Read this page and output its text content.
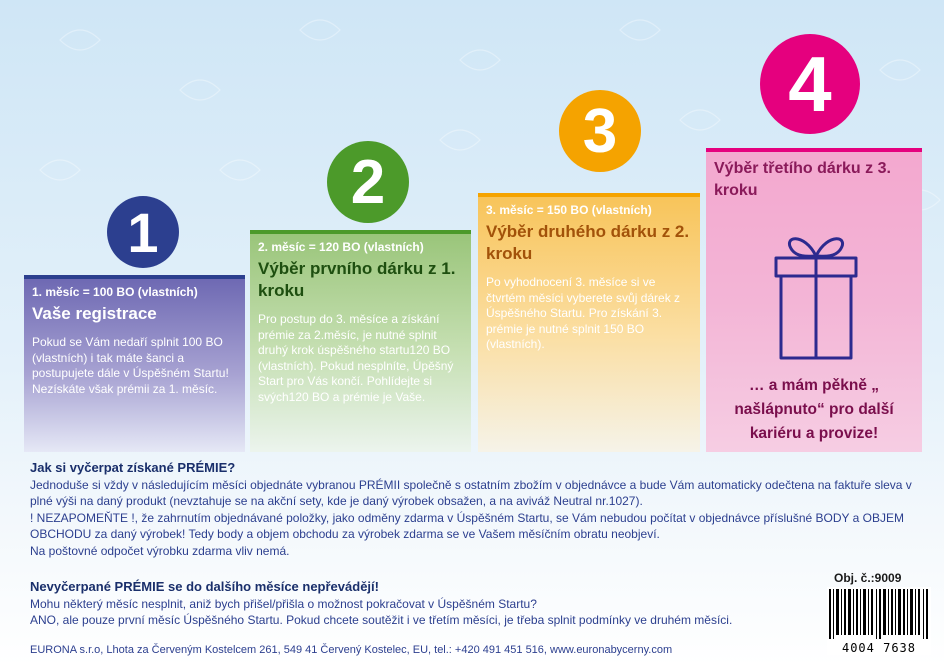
1
2
3
4
1. měsíc = 100 BO (vlastních)
Vaše registrace
Pokud se Vám nedaří splnit 100 BO (vlastních) i tak máte šanci a postupujete dále v Úspěšném Startu! Nezískáte však prémii za 1. měsíc.
2. měsíc = 120 BO (vlastních)
Výběr prvního dárku z 1. kroku
Pro postup do 3. měsíce a získání prémie za 2.měsíc, je nutné splnit druhý krok úspěšného startu120 BO (vlastních). Pokud nesplníte, Úpěšný Start pro Vás končí. Pohlídejte si svých120 BO a prémie je Vaše.
3. měsíc = 150 BO (vlastních)
Výběr druhého dárku z 2. kroku
Po vyhodnocení 3. měsíce si ve čtvrtém měsíci vyberete svůj dárek z Úspěšného Startu. Pro získání 3. prémie je nutné splnit 150 BO (vlastních).
Výběr třetího dárku z 3. kroku
… a mám pěkně „ našlápnuto“ pro další kariéru a provize!
Jak si vyčerpat získané PRÉMIE?
Jednoduše si vždy v následujícím měsíci objednáte vybranou PRÉMII společně s ostatním zbožím v objednávce a bude Vám automaticky odečtena na faktuře sleva v plné výši na daný produkt (nevztahuje se na akční sety, kde je daný výrobek obsažen, a na aviváž Neutral nr.1027).
! NEZAPOMEŇTE !, že zahrnutím objednávané položky, jako odměny zdarma v Úspěšném Startu, se Vám nebudou počítat v objednávce příslušné BODY a OBJEM OBCHODU za daný výrobek! Tedy body a objem obchodu za výrobek zdarma se ve Vašem měsíčním obratu neobjeví.
Na poštovné odpočet výrobku zdarma vliv nemá.
Nevyčerpané PRÉMIE se do dalšího měsíce nepřevádějí!
Mohu některý měsíc nesplnit, aniž bych přišel/přišla o možnost pokračovat v Úspěšném Startu?
ANO, ale pouze první měsíc Úspěšného Startu. Pokud chcete soutěžit i ve třetím měsíci, je třeba splnit podmínky ve druhém měsíci.
Obj. č.:9009
4004 7638
EURONA s.r.o, Lhota za Červeným Kostelcem 261, 549 41 Červený Kostelec, EU, tel.: +420 491 451 516, www.euronabycerny.com
